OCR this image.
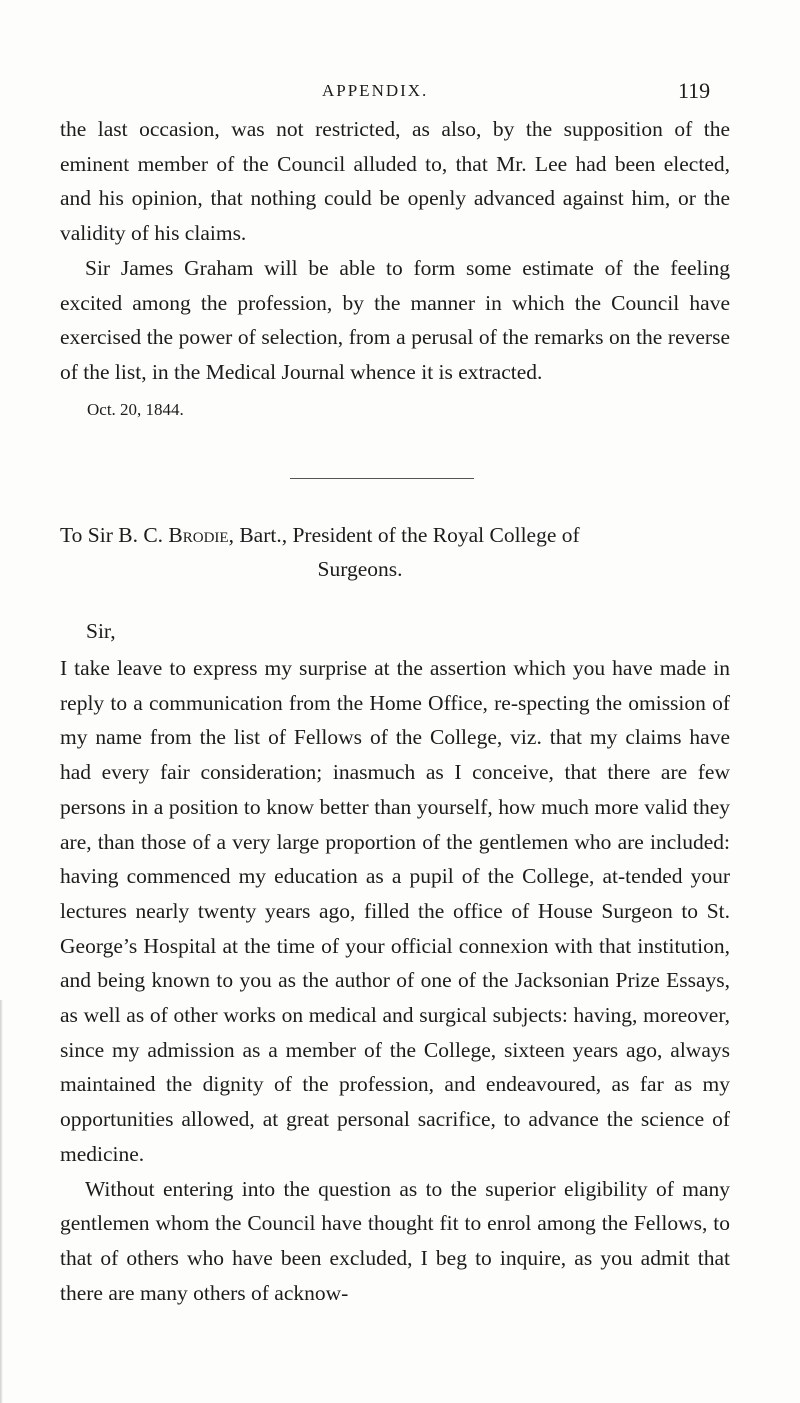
APPENDIX.	119

the last occasion, was not restricted, as also, by the supposition of the eminent member of the Council alluded to, that Mr. Lee had been elected, and his opinion, that nothing could be openly advanced against him, or the validity of his claims.

Sir James Graham will be able to form some estimate of the feeling excited among the profession, by the manner in which the Council have exercised the power of selection, from a perusal of the remarks on the reverse of the list, in the Medical Journal whence it is extracted.

Oct. 20, 1844.
To Sir B. C. Brodie, Bart., President of the Royal College of
Surgeons.
Sir,

I take leave to express my surprise at the assertion which you have made in reply to a communication from the Home Office, re-specting the omission of my name from the list of Fellows of the College, viz. that my claims have had every fair consideration; inasmuch as I conceive, that there are few persons in a position to know better than yourself, how much more valid they are, than those of a very large proportion of the gentlemen who are included: having commenced my education as a pupil of the College, at-tended your lectures nearly twenty years ago, filled the office of House Surgeon to St. George’s Hospital at the time of your official connexion with that institution, and being known to you as the author of one of the Jacksonian Prize Essays, as well as of other works on medical and surgical subjects: having, moreover, since my admission as a member of the College, sixteen years ago, always maintained the dignity of the profession, and endeavoured, as far as my opportunities allowed, at great personal sacrifice, to advance the science of medicine.

Without entering into the question as to the superior eligibility of many gentlemen whom the Council have thought fit to enrol among the Fellows, to that of others who have been excluded, I beg to inquire, as you admit that there are many others of acknow-
